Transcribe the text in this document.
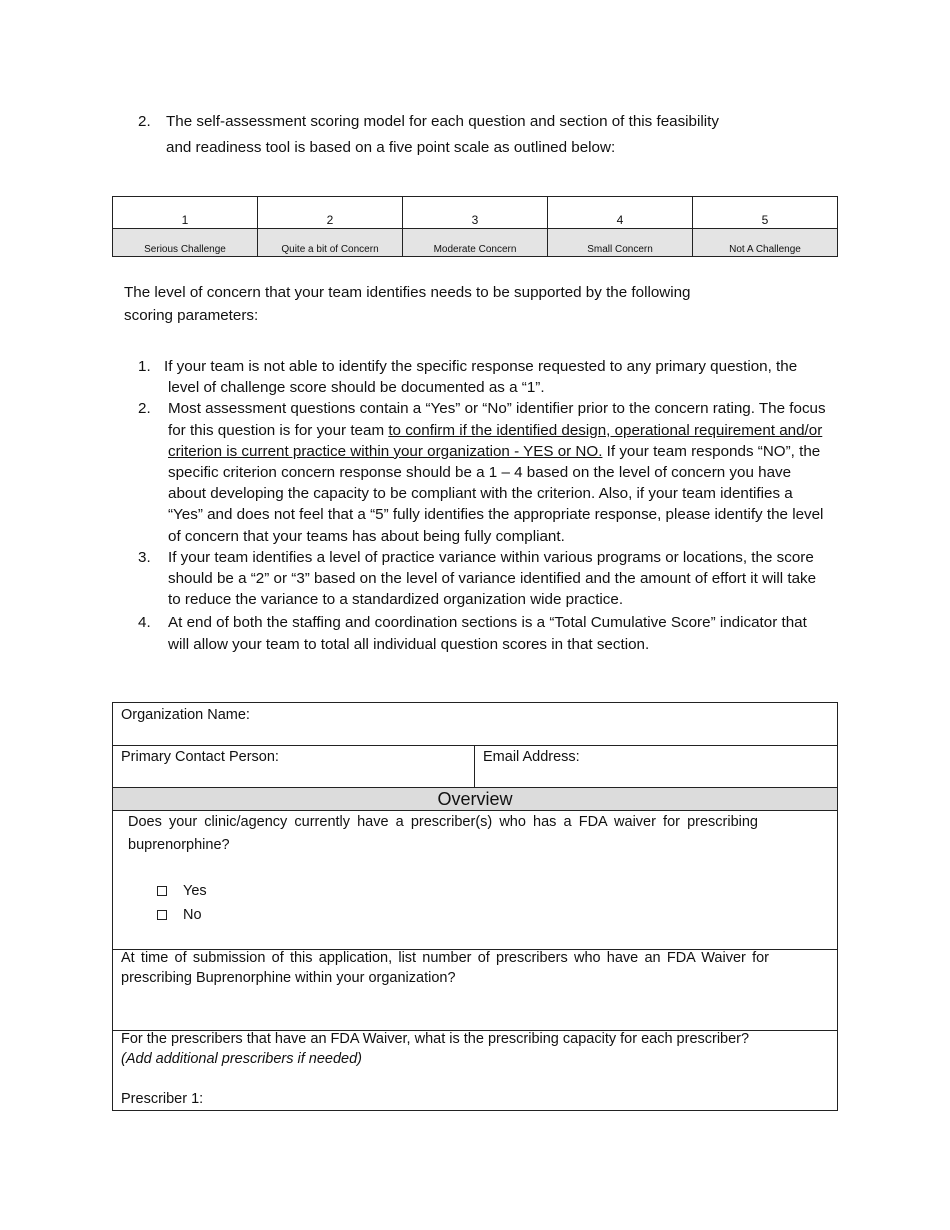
2. The self-assessment scoring model for each question and section of this feasibility
and readiness tool is based on a five point scale as outlined below:
1	2	3	4	5
Serious Challenge	Quite a bit of Concern	Moderate Concern	Small Concern	Not A Challenge
The level of concern that your team identifies needs to be supported by the following
scoring parameters:
1. If your team is not able to identify the specific response requested to any primary question, the
level of challenge score should be documented as a “1”.
2. Most assessment questions contain a “Yes” or “No” identifier prior to the concern rating. The focus for this question is for your team to confirm if the identified design, operational requirement and/or criterion is current practice within your organization - YES or NO. If your team responds “NO”, the specific criterion concern response should be a 1 – 4 based on the level of concern you have about developing the capacity to be compliant with the criterion. Also, if your team identifies a “Yes” and does not feel that a “5” fully identifies the appropriate response, please identify the level of concern that your teams has about being fully compliant.
3. If your team identifies a level of practice variance within various programs or locations, the score should be a “2” or “3” based on the level of variance identified and the amount of effort it will take to reduce the variance to a standardized organization wide practice.
4. At end of both the staffing and coordination sections is a “Total Cumulative Score” indicator that will allow your team to total all individual question scores in that section.
Organization Name:
Primary Contact Person:	Email Address:
Overview
Does your clinic/agency currently have a prescriber(s) who has a FDA waiver for prescribing buprenorphine?
Yes
No
At time of submission of this application, list number of prescribers who have an FDA Waiver for prescribing Buprenorphine within your organization?
For the prescribers that have an FDA Waiver, what is the prescribing capacity for each prescriber?
(Add additional prescribers if needed)
Prescriber 1:
